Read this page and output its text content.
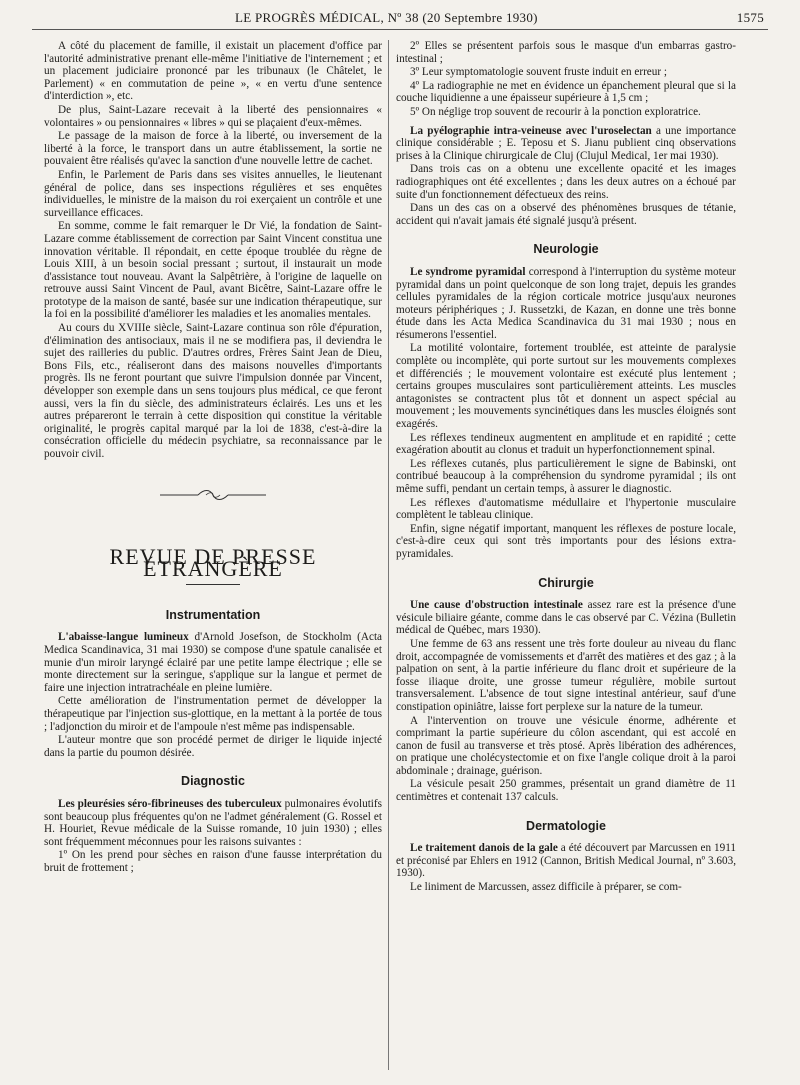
LE PROGRÈS MÉDICAL, Nº 38 (20 Septembre 1930)	1575

A côté du placement de famille, il existait un placement d'office par l'autorité administrative prenant elle-même l'initiative de l'internement ; et un placement judiciaire prononcé par les tribunaux (le Châtelet, le Parlement) « en commutation de peine », « en vertu d'une sentence d'interdiction », etc.

De plus, Saint-Lazare recevait à la liberté des pensionnaires « volontaires » ou pensionnaires « libres » qui se plaçaient d'eux-mêmes.

Le passage de la maison de force à la liberté, ou inversement de la liberté à la force, le transport dans un autre établissement, la sortie ne pouvaient être réalisés qu'avec la sanction d'une nouvelle lettre de cachet.

Enfin, le Parlement de Paris dans ses visites annuelles, le lieutenant général de police, dans ses inspections régulières et ses enquêtes individuelles, le ministre de la maison du roi exerçaient un contrôle et une surveillance efficaces.

En somme, comme le fait remarquer le Dr Vié, la fondation de Saint-Lazare comme établissement de correction par Saint Vincent constitua une innovation véritable. Il répondait, en cette époque troublée du règne de Louis XIII, à un besoin social pressant ; surtout, il instaurait un mode d'assistance tout nouveau. Avant la Salpêtrière, à l'origine de laquelle on retrouve aussi Saint Vincent de Paul, avant Bicêtre, Saint-Lazare offre le prototype de la maison de santé, basée sur une indication thérapeutique, sur la foi en la possibilité d'améliorer les maladies et les anomalies mentales.

Au cours du XVIIIe siècle, Saint-Lazare continua son rôle d'épuration, d'élimination des antisociaux, mais il ne se modifiera pas, il deviendra le sujet des railleries du public. D'autres ordres, Frères Saint Jean de Dieu, Bons Fils, etc., réaliseront dans des maisons nouvelles d'importants progrès. Ils ne feront pourtant que suivre l'impulsion donnée par Vincent, développer son exemple dans un sens toujours plus médical, ce que feront aussi, vers la fin du siècle, des administrateurs éclairés. Les uns et les autres prépareront le terrain à cette disposition qui constitue la véritable originalité, le progrès capital marqué par la loi de 1838, c'est-à-dire la consécration officielle du médecin psychiatre, sa reconnaissance par le pouvoir civil.

REVUE DE PRESSE ÉTRANGÈRE
Instrumentation

L'abaisse-langue lumineux d'Arnold Josefson, de Stockholm (Acta Medica Scandinavica, 31 mai 1930) se compose d'une spatule canalisée et munie d'un miroir laryngé éclairé par une petite lampe électrique ; elle se monte directement sur la seringue, s'applique sur la langue et permet de faire une injection intratrachéale en pleine lumière.

Cette amélioration de l'instrumentation permet de développer la thérapeutique par l'injection sus-glottique, en la mettant à la portée de tous ; l'adjonction du miroir et de l'ampoule n'est même pas indispensable.

L'auteur montre que son procédé permet de diriger le liquide injecté dans la partie du poumon désirée.

Diagnostic

Les pleurésies séro-fibrineuses des tuberculeux pulmonaires évolutifs sont beaucoup plus fréquentes qu'on ne l'admet généralement (G. Rossel et H. Houriet, Revue médicale de la Suisse romande, 10 juin 1930) ; elles sont fréquemment méconnues pour les raisons suivantes :

1º On les prend pour sèches en raison d'une fausse interprétation du bruit de frottement ;

2º Elles se présentent parfois sous le masque d'un embarras gastro-intestinal ;

3º Leur symptomatologie souvent fruste induit en erreur ;

4º La radiographie ne met en évidence un épanchement pleural que si la couche liquidienne a une épaisseur supérieure à 1,5 cm ;

5º On néglige trop souvent de recourir à la ponction exploratrice.

La pyélographie intra-veineuse avec l'uroselectan a une importance clinique considérable ; E. Teposu et S. Jianu publient cinq observations prises à la Clinique chirurgicale de Cluj (Clujul Medical, 1er mai 1930).

Dans trois cas on a obtenu une excellente opacité et les images radiographiques ont été excellentes ; dans les deux autres on a échoué par suite d'un fonctionnement défectueux des reins.

Dans un des cas on a observé des phénomènes brusques de tétanie, accident qui n'avait jamais été signalé jusqu'à présent.

Neurologie

Le syndrome pyramidal correspond à l'interruption du système moteur pyramidal dans un point quelconque de son long trajet, depuis les grandes cellules pyramidales de la région corticale motrice jusqu'aux neurones moteurs périphériques ; J. Russetzki, de Kazan, en donne une très bonne étude dans les Acta Medica Scandinavica du 31 mai 1930 ; nous en résumerons l'essentiel.

La motilité volontaire, fortement troublée, est atteinte de paralysie complète ou incomplète, qui porte surtout sur les mouvements complexes et différenciés ; le mouvement volontaire est exécuté plus lentement ; certains groupes musculaires sont particulièrement atteints. Les muscles antagonistes se contractent plus tôt et donnent un aspect spécial au mouvement ; les mouvements syncinétiques dans les muscles éloignés sont exagérés.

Les réflexes tendineux augmentent en amplitude et en rapidité ; cette exagération aboutit au clonus et traduit un hyperfonctionnement spinal.

Les réflexes cutanés, plus particulièrement le signe de Babinski, ont contribué beaucoup à la compréhension du syndrome pyramidal ; ils ont même suffi, pendant un certain temps, à assurer le diagnostic.

Les réflexes d'automatisme médullaire et l'hypertonie musculaire complètent le tableau clinique.

Enfin, signe négatif important, manquent les réflexes de posture locale, c'est-à-dire ceux qui sont très importants pour des lésions extra-pyramidales.

Chirurgie

Une cause d'obstruction intestinale assez rare est la présence d'une vésicule biliaire géante, comme dans le cas observé par C. Vézina (Bulletin médical de Québec, mars 1930).

Une femme de 63 ans ressent une très forte douleur au niveau du flanc droit, accompagnée de vomissements et d'arrêt des matières et des gaz ; à la palpation on sent, à la partie inférieure du flanc droit et supérieure de la fosse iliaque droite, une grosse tumeur régulière, mobile surtout transversalement. L'absence de tout signe intestinal antérieur, sauf d'une constipation opiniâtre, laisse fort perplexe sur la nature de la tumeur.

A l'intervention on trouve une vésicule énorme, adhérente et comprimant la partie supérieure du côlon ascendant, qui est accolé en canon de fusil au transverse et très ptosé. Après libération des adhérences, on pratique une cholécystectomie et on fixe l'angle colique droit à la paroi abdominale ; drainage, guérison.

La vésicule pesait 250 grammes, présentait un grand diamètre de 11 centimètres et contenait 137 calculs.

Dermatologie

Le traitement danois de la gale a été découvert par Marcussen en 1911 et préconisé par Ehlers en 1912 (Cannon, British Medical Journal, nº 3.603, 1930).

Le liniment de Marcussen, assez difficile à préparer, se com-
